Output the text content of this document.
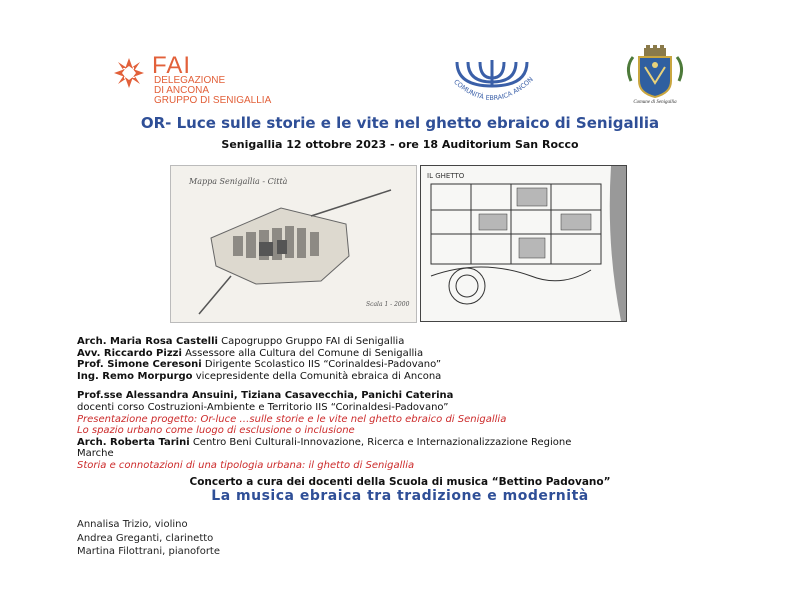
FAI
DELEGAZIONE
DI ANCONA
GRUPPO DI SENIGALLIA
COMUNITÀ EBRAICA ANCON
Comune di Senigallia
OR- Luce sulle storie e le vite nel ghetto ebraico di Senigallia
Senigallia 12 ottobre 2023 - ore 18 Auditorium San Rocco
Mappa Senigallia - Città
Scala 1 - 2000
IL GHETTO
Arch. Maria Rosa Castelli Capogruppo Gruppo FAI di Senigallia
Avv. Riccardo Pizzi Assessore alla Cultura del Comune di Senigallia
Prof. Simone Ceresoni Dirigente Scolastico IIS “Corinaldesi-Padovano”
Ing. Remo Morpurgo vicepresidente della Comunità ebraica di Ancona
Prof.sse Alessandra Ansuini, Tiziana Casavecchia, Panichi Caterina
docenti corso Costruzioni-Ambiente e Territorio IIS “Corinaldesi-Padovano”
Presentazione progetto: Or-luce …sulle storie e le vite nel ghetto ebraico di Senigallia
Lo spazio urbano come luogo di esclusione o inclusione
Arch. Roberta Tarini Centro Beni Culturali-Innovazione, Ricerca e Internazionalizzazione Regione
Marche
Storia e connotazioni di una tipologia urbana: il ghetto di Senigallia
Concerto a cura dei docenti della Scuola di musica “Bettino Padovano”
La musica ebraica tra tradizione e modernità
Annalisa Trizio, violino
Andrea Greganti, clarinetto
Martina Filottrani, pianoforte
